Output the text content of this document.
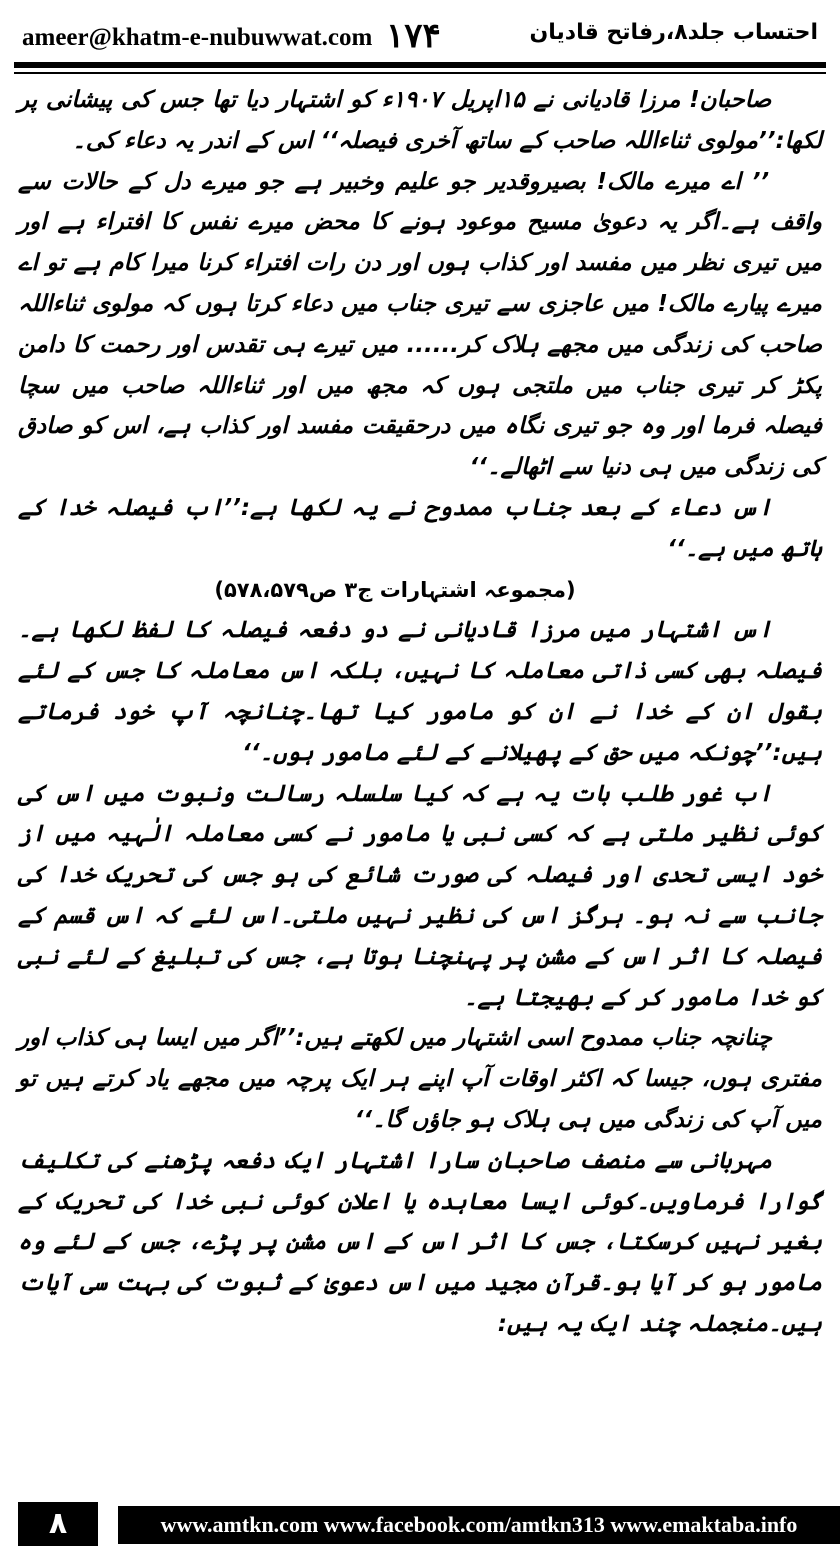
ameer@khatm-e-nubuwwat.com ۱۷۴	احتساب جلد۸،رفاتح قادیان

صاحبان! مرزا قادیانی نے ۱۵اپریل ۱۹۰۷ء کو اشتہار دیا تھا جس کی پیشانی پر لکھا:’’مولوی ثناءاللہ صاحب کے ساتھ آخری فیصلہ‘‘ اس کے اندر یہ دعاء کی۔

’’ اے میرے مالک! بصیروقدیر جو علیم وخبیر ہے جو میرے دل کے حالات سے واقف ہے۔اگر یہ دعویٰ مسیح موعود ہونے کا محض میرے نفس کا افتراء ہے اور میں تیری نظر میں مفسد اور کذاب ہوں اور دن رات افتراء کرنا میرا کام ہے تو اے میرے پیارے مالک! میں عاجزی سے تیری جناب میں دعاء کرتا ہوں کہ مولوی ثناءاللہ صاحب کی زندگی میں مجھے ہلاک کر...... میں تیرے ہی تقدس اور رحمت کا دامن پکڑ کر تیری جناب میں ملتجی ہوں کہ مجھ میں اور ثناءاللہ صاحب میں سچا فیصلہ فرما اور وہ جو تیری نگاہ میں درحقیقت مفسد اور کذاب ہے، اس کو صادق کی زندگی میں ہی دنیا سے اٹھالے۔‘‘

اس دعاء کے بعد جناب ممدوح نے یہ لکھا ہے:’’اب فیصلہ خدا کے ہاتھ میں ہے۔‘‘
(مجموعہ اشتہارات ج۳ ص۵۷۸،۵۷۹)

اس اشتہار میں مرزا قادیانی نے دو دفعہ فیصلہ کا لفظ لکھا ہے۔فیصلہ بھی کسی ذاتی معاملہ کا نہیں، بلکہ اس معاملہ کا جس کے لئے بقول ان کے خدا نے ان کو مامور کیا تھا۔چنانچہ آپ خود فرماتے ہیں:’’چونکہ میں حق کے پھیلانے کے لئے مامور ہوں۔‘‘

اب غور طلب بات یہ ہے کہ کیا سلسلہ رسالت ونبوت میں اس کی کوئی نظیر ملتی ہے کہ کسی نبی یا مامور نے کسی معاملہ الٰہیہ میں از خود ایسی تحدی اور فیصلہ کی صورت شائع کی ہو جس کی تحریک خدا کی جانب سے نہ ہو۔ ہرگز اس کی نظیر نہیں ملتی۔اس لئے کہ اس قسم کے فیصلہ کا اثر اس کے مشن پر پہنچنا ہوتا ہے، جس کی تبلیغ کے لئے نبی کو خدا مامور کر کے بھیجتا ہے۔

چنانچہ جناب ممدوح اسی اشتہار میں لکھتے ہیں:’’اگر میں ایسا ہی کذاب اور مفتری ہوں، جیسا کہ اکثر اوقات آپ اپنے ہر ایک پرچہ میں مجھے یاد کرتے ہیں تو میں آپ کی زندگی میں ہی ہلاک ہو جاؤں گا۔‘‘

مہربانی سے منصف صاحبان سارا اشتہار ایک دفعہ پڑھنے کی تکلیف گوارا فرماویں۔کوئی ایسا معاہدہ یا اعلان کوئی نبی خدا کی تحریک کے بغیر نہیں کرسکتا، جس کا اثر اس کے اس مشن پر پڑے، جس کے لئے وہ مامور ہو کر آیا ہو۔قرآن مجید میں اس دعویٰ کے ثبوت کی بہت سی آیات ہیں۔منجملہ چند ایک یہ ہیں:

www.amtkn.com www.facebook.com/amtkn313 www.emaktaba.info
۸
